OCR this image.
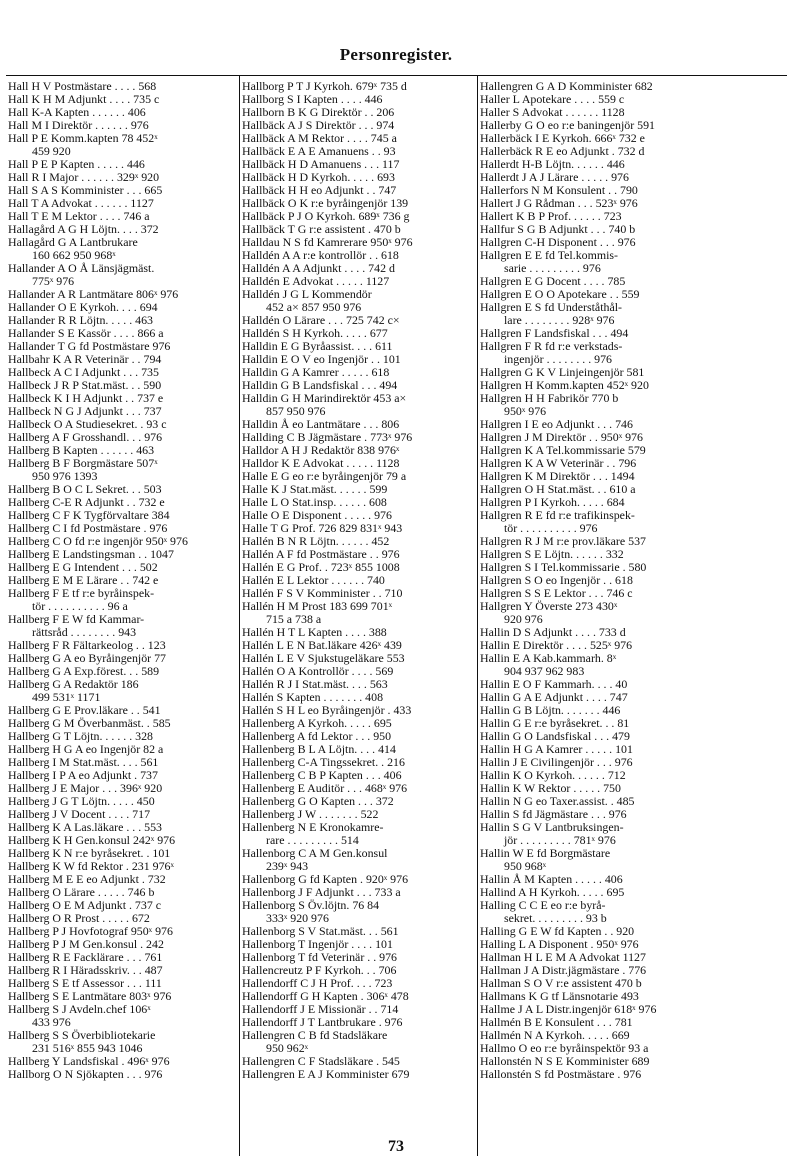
Personregister.
Hall H V Postmästare . . . . 568
Hall K H M Adjunkt . . . . 735 c
Hall K-A Kapten . . . . . . 406
Hall M I Direktör . . . . . . 976
Hall P E Komm.kapten 78 452ˣ
459 920
Hall P E P Kapten . . . . . 446
Hall R I Major . . . . . . 329ˣ 920
Hall S A S Komminister . . . 665
Hall T A Advokat . . . . . . 1127
Hall T E M Lektor . . . . 746 a
Hallagård A G H Löjtn. . . . 372
Hallagård G A Lantbrukare
160 662 950 968ˣ
Hallander A O Å Länsjägmäst.
775ˣ 976
Hallander A R Lantmätare 806ˣ 976
Hallander O E Kyrkoh. . . . 694
Hallander R R Löjtn. . . . . 463
Hallander S E Kassör . . . . 866 a
Hallander T G fd Postmästare 976
Hallbahr K A R Veterinär . . 794
Hallbeck A C I Adjunkt . . . 735
Hallbeck J R P Stat.mäst. . . 590
Hallbeck K I H Adjunkt . . 737 e
Hallbeck N G J Adjunkt . . . 737
Hallbeck O A Studiesekret. . 93 c
Hallberg A F Grosshandl. . . 976
Hallberg B Kapten . . . . . . 463
Hallberg B F Borgmästare 507ˣ
950 976 1393
Hallberg B O C L Sekret. . . 503
Hallberg C-E R Adjunkt . . 732 e
Hallberg C F K Tygförvaltare 384
Hallberg C I fd Postmästare . 976
Hallberg C O fd r:e ingenjör 950ˣ 976
Hallberg E Landstingsman . . 1047
Hallberg E G Intendent . . . 502
Hallberg E M E Lärare . . 742 e
Hallberg F E tf r:e byråinspek-
tör . . . . . . . . . . 96 a
Hallberg F E W fd Kammar-
rättsråd . . . . . . . . 943
Hallberg F R Fältarkeolog . . 123
Hallberg G A eo Byråingenjör 77
Hallberg G A Exp.förest. . . 589
Hallberg G A Redaktör 186
499 531ˣ 1171
Hallberg G E Prov.läkare . . 541
Hallberg G M Överbanmäst. . 585
Hallberg G T Löjtn. . . . . . 328
Hallberg H G A eo Ingenjör 82 a
Hallberg I M Stat.mäst. . . . 561
Hallberg I P A eo Adjunkt . 737
Hallberg J E Major . . . 396ˣ 920
Hallberg J G T Löjtn. . . . . 450
Hallberg J V Docent . . . . 717
Hallberg K A Las.läkare . . . 553
Hallberg K H Gen.konsul 242ˣ 976
Hallberg K N r:e byråsekret. . 101
Hallberg K W fd Rektor . 231 976ˣ
Hallberg M E E eo Adjunkt . 732
Hallberg O Lärare . . . . . 746 b
Hallberg O E M Adjunkt . 737 c
Hallberg O R Prost . . . . . 672
Hallberg P J Hovfotograf 950ˣ 976
Hallberg P J M Gen.konsul . 242
Hallberg R E Facklärare . . . 761
Hallberg R I Häradsskriv. . . 487
Hallberg S E tf Assessor . . . 111
Hallberg S E Lantmätare 803ˣ 976
Hallberg S J Avdeln.chef 106ˣ
433 976
Hallberg S S Överbibliotekarie
231 516ˣ 855 943 1046
Hallberg Y Landsfiskal . 496ˣ 976
Hallborg O N Sjökapten . . . 976
Hallborg P T J Kyrkoh. 679ˣ 735 d
Hallborg S I Kapten . . . . 446
Hallborn B K G Direktör . . 206
Hallbäck A J S Direktör . . . 974
Hallbäck A M Rektor . . . . 745 a
Hallbäck E A E Amanuens . . 93
Hallbäck H D Amanuens . . . 117
Hallbäck H D Kyrkoh. . . . . 693
Hallbäck H H eo Adjunkt . . 747
Hallbäck O K r:e byråingenjör 139
Hallbäck P J O Kyrkoh. 689ˣ 736 g
Hallbäck T G r:e assistent . 470 b
Halldau N S fd Kamrerare 950ˣ 976
Halldén A A r:e kontrollör . . 618
Halldén A A Adjunkt . . . . 742 d
Halldén E Advokat . . . . . 1127
Halldén J G L Kommendör
452 a× 857 950 976
Halldén O Lärare . . . 725 742 c×
Halldén S H Kyrkoh. . . . . 677
Halldin E G Byråassist. . . . 611
Halldin E O V eo Ingenjör . . 101
Halldin G A Kamrer . . . . . 618
Halldin G B Landsfiskal . . . 494
Halldin G H Marindirektör 453 a×
857 950 976
Halldin Å eo Lantmätare . . . 806
Hallding C B Jägmästare . 773ˣ 976
Halldor A H J Redaktör 838 976ˣ
Halldor K E Advokat . . . . . 1128
Halle E G eo r:e byråingenjör 79 a
Halle K J Stat.mäst. . . . . . 599
Halle L O Stat.insp. . . . . . 608
Halle O E Disponent . . . . . 976
Halle T G Prof. 726 829 831ˣ 943
Hallén B N R Löjtn. . . . . . 452
Hallén A F fd Postmästare . . 976
Hallén E G Prof. . 723ˣ 855 1008
Hallén E L Lektor . . . . . . 740
Hallén F S V Komminister . . 710
Hallén H M Prost 183 699 701ˣ
715 a 738 a
Hallén H T L Kapten . . . . 388
Hallén L E N Bat.läkare 426ˣ 439
Hallén L E V Sjukstugeläkare 553
Hallén O A Kontrollör . . . . 569
Hallén R J I Stat.mäst. . . . 563
Hallén S Kapten . . . . . . . 408
Hallén S H L eo Byråingenjör . 433
Hallenberg A Kyrkoh. . . . . 695
Hallenberg A fd Lektor . . . 950
Hallenberg B L A Löjtn. . . . 414
Hallenberg C-A Tingssekret. . 216
Hallenberg C B P Kapten . . . 406
Hallenberg E Auditör . . . 468ˣ 976
Hallenberg G O Kapten . . . 372
Hallenberg J W . . . . . . . 522
Hallenberg N E Kronokamre-
rare . . . . . . . . . 514
Hallenborg C A M Gen.konsul
239ˣ 943
Hallenborg G fd Kapten . 920ˣ 976
Hallenborg J F Adjunkt . . . 733 a
Hallenborg S Öv.löjtn. 76 84
333ˣ 920 976
Hallenborg S V Stat.mäst. . . 561
Hallenborg T Ingenjör . . . . 101
Hallenborg T fd Veterinär . . 976
Hallencreutz P F Kyrkoh. . . 706
Hallendorff C J H Prof. . . . 723
Hallendorff G H Kapten . 306ˣ 478
Hallendorff J E Missionär . . 714
Hallendorff J T Lantbrukare . 976
Hallengren C B fd Stadsläkare
950 962ˣ
Hallengren C F Stadsläkare . 545
Hallengren E A J Komminister 679
Hallengren G A D Komminister 682
Haller L Apotekare . . . . 559 c
Haller S Advokat . . . . . . 1128
Hallerby G O eo r:e baningenjör 591
Hallerbäck I E Kyrkoh. 666ˣ 732 e
Hallerbäck R E eo Adjunkt . 732 d
Hallerdt H-B Löjtn. . . . . . 446
Hallerdt J A J Lärare . . . . . 976
Hallerfors N M Konsulent . . 790
Hallert J G Rådman . . . 523ˣ 976
Hallert K B P Prof. . . . . . 723
Hallfur S G B Adjunkt . . . 740 b
Hallgren C-H Disponent . . . 976
Hallgren E E fd Tel.kommis-
sarie . . . . . . . . . 976
Hallgren E G Docent . . . . 785
Hallgren E O O Apotekare . . 559
Hallgren E S fd Underståthål-
lare . . . . . . . . 928ˣ 976
Hallgren F Landsfiskal . . . 494
Hallgren F R fd r:e verkstads-
ingenjör . . . . . . . . 976
Hallgren G K V Linjeingenjör 581
Hallgren H Komm.kapten 452ˣ 920
Hallgren H H Fabrikör 770 b
950ˣ 976
Hallgren I E eo Adjunkt . . . 746
Hallgren J M Direktör . . 950ˣ 976
Hallgren K A Tel.kommissarie 579
Hallgren K A W Veterinär . . 796
Hallgren K M Direktör . . . 1494
Hallgren O H Stat.mäst. . . 610 a
Hallgren P I Kyrkoh. . . . . 684
Hallgren R E fd r:e trafikinspek-
tör . . . . . . . . . . 976
Hallgren R J M r:e prov.läkare 537
Hallgren S E Löjtn. . . . . . 332
Hallgren S I Tel.kommissarie . 580
Hallgren S O eo Ingenjör . . 618
Hallgren S S E Lektor . . . 746 c
Hallgren Y Överste 273 430ˣ
920 976
Hallin D S Adjunkt . . . . 733 d
Hallin E Direktör . . . . 525ˣ 976
Hallin E A Kab.kammarh. 8ˣ
904 937 962 983
Hallin E O F Kammarh. . . . 40
Hallin G A E Adjunkt . . . . 747
Hallin G B Löjtn. . . . . . . 446
Hallin G E r:e byråsekret. . . 81
Hallin G O Landsfiskal . . . 479
Hallin H G A Kamrer . . . . . 101
Hallin J E Civilingenjör . . . 976
Hallin K O Kyrkoh. . . . . . 712
Hallin K W Rektor . . . . . 750
Hallin N G eo Taxer.assist. . 485
Hallin S fd Jägmästare . . . 976
Hallin S G V Lantbruksingen-
jör . . . . . . . . . 781ˣ 976
Hallin W E fd Borgmästare
950 968ˣ
Hallin Å M Kapten . . . . . 406
Hallind A H Kyrkoh. . . . . 695
Halling C C E eo r:e byrå-
sekret. . . . . . . . . 93 b
Halling G E W fd Kapten . . 920
Halling L A Disponent . 950ˣ 976
Hallman H L E M A Advokat 1127
Hallman J A Distr.jägmästare . 776
Hallman S O V r:e assistent 470 b
Hallmans K G tf Länsnotarie 493
Hallme J A L Distr.ingenjör 618ˣ 976
Hallmén B E Konsulent . . . 781
Hallmén N A Kyrkoh. . . . . 669
Hallmo O eo r:e byråinspektör 93 a
Hallonstén N S E Komminister 689
Hallonstén S fd Postmästare . 976
73
